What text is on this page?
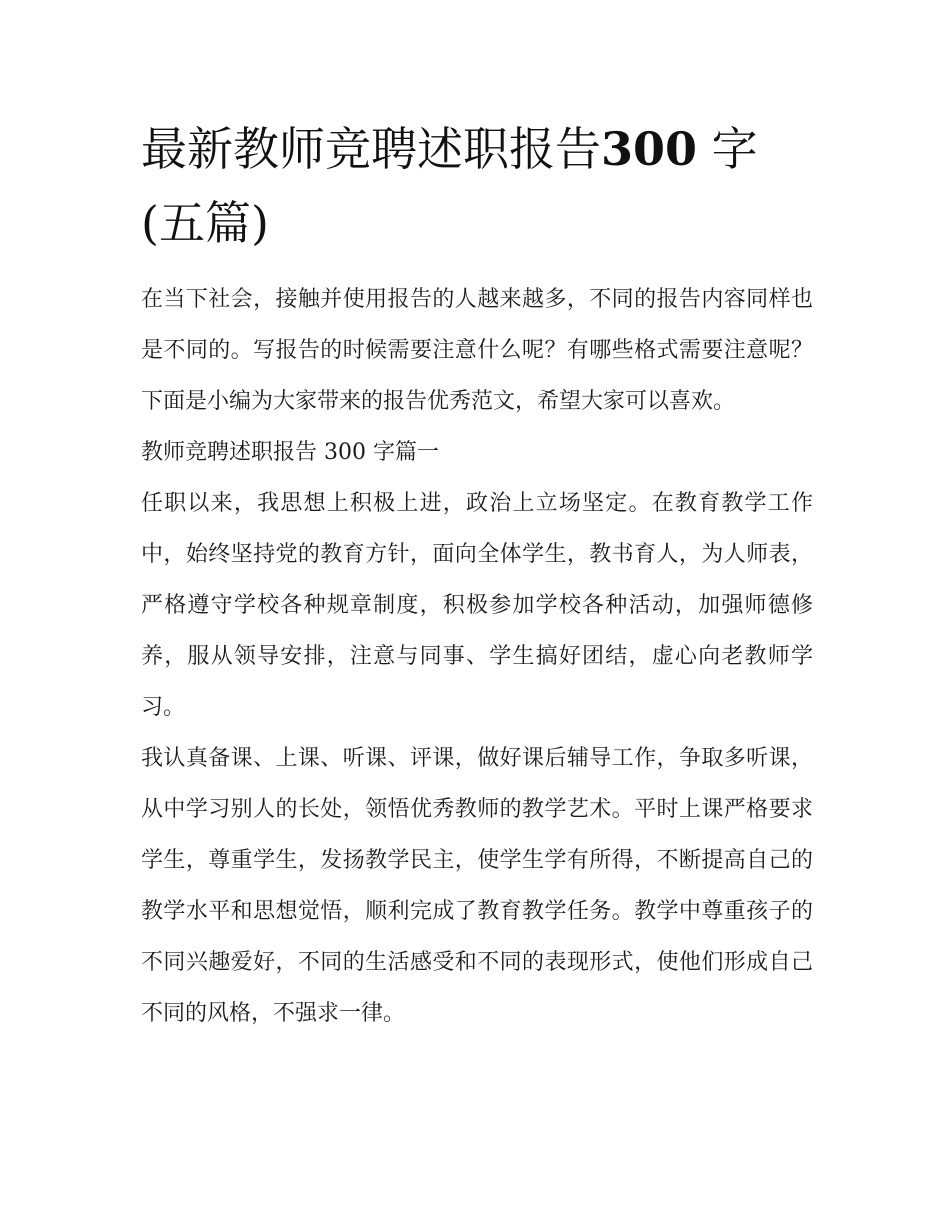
最新教师竞聘述职报告300 字
(五篇)

在当下社会，接触并使用报告的人越来越多，不同的报告内容同样也是不同的。写报告的时候需要注意什么呢？有哪些格式需要注意呢？下面是小编为大家带来的报告优秀范文，希望大家可以喜欢。

教师竞聘述职报告 300 字篇一

任职以来，我思想上积极上进，政治上立场坚定。在教育教学工作中，始终坚持党的教育方针，面向全体学生，教书育人，为人师表，严格遵守学校各种规章制度，积极参加学校各种活动，加强师德修养，服从领导安排，注意与同事、学生搞好团结，虚心向老教师学习。

我认真备课、上课、听课、评课，做好课后辅导工作，争取多听课，从中学习别人的长处，领悟优秀教师的教学艺术。平时上课严格要求学生，尊重学生，发扬教学民主，使学生学有所得，不断提高自己的教学水平和思想觉悟，顺利完成了教育教学任务。教学中尊重孩子的不同兴趣爱好，不同的生活感受和不同的表现形式，使他们形成自己不同的风格，不强求一律。
